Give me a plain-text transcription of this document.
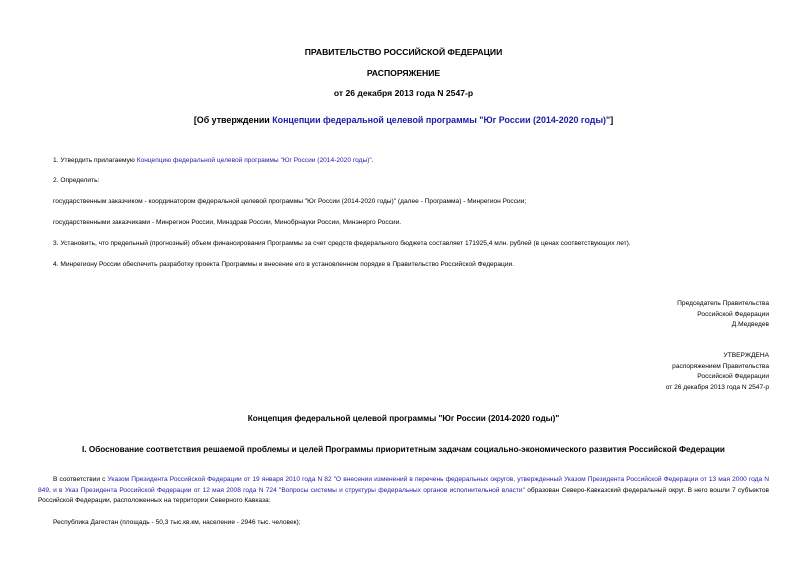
ПРАВИТЕЛЬСТВО РОССИЙСКОЙ ФЕДЕРАЦИИ
РАСПОРЯЖЕНИЕ
от 26 декабря 2013 года N 2547-р
[Об утверждении Концепции федеральной целевой программы "Юг России (2014-2020 годы)"]
1. Утвердить прилагаемую Концепцию федеральной целевой программы "Юг России (2014-2020 годы)".
2. Определить:
государственным заказчиком - координатором федеральной целевой программы "Юг России (2014-2020 годы)" (далее - Программа) - Минрегион России;
государственными заказчиками - Минрегион России, Минздрав России, Минобрнауки России, Минэнерго России.
3. Установить, что предельный (прогнозный) объем финансирования Программы за счет средств федерального бюджета составляет 171925,4 млн. рублей (в ценах соответствующих лет).
4. Минрегиону России обеспечить разработку проекта Программы и внесение его в установленном порядке в Правительство Российской Федерации.
Председатель Правительства
Российской Федерации
Д.Медведев
УТВЕРЖДЕНА
распоряжением Правительства
Российской Федерации
от 26 декабря 2013 года N 2547-р
Концепция федеральной целевой программы "Юг России (2014-2020 годы)"
I. Обоснование соответствия решаемой проблемы и целей Программы приоритетным задачам социально-экономического развития Российской Федерации
В соответствии с Указом Президента Российской Федерации от 19 января 2010 года N 82 "О внесении изменений в перечень федеральных округов, утвержденный Указом Президента Российской Федерации от 13 мая 2000 года N 849, и в Указ Президента Российской Федерации от 12 мая 2008 года N 724 "Вопросы системы и структуры федеральных органов исполнительной власти" образован Северо-Кавказский федеральный округ. В него вошли 7 субъектов Российской Федерации, расположенных на территории Северного Кавказа:
Республика Дагестан (площадь - 50,3 тыс.кв.км, население - 2946 тыс. человек);
